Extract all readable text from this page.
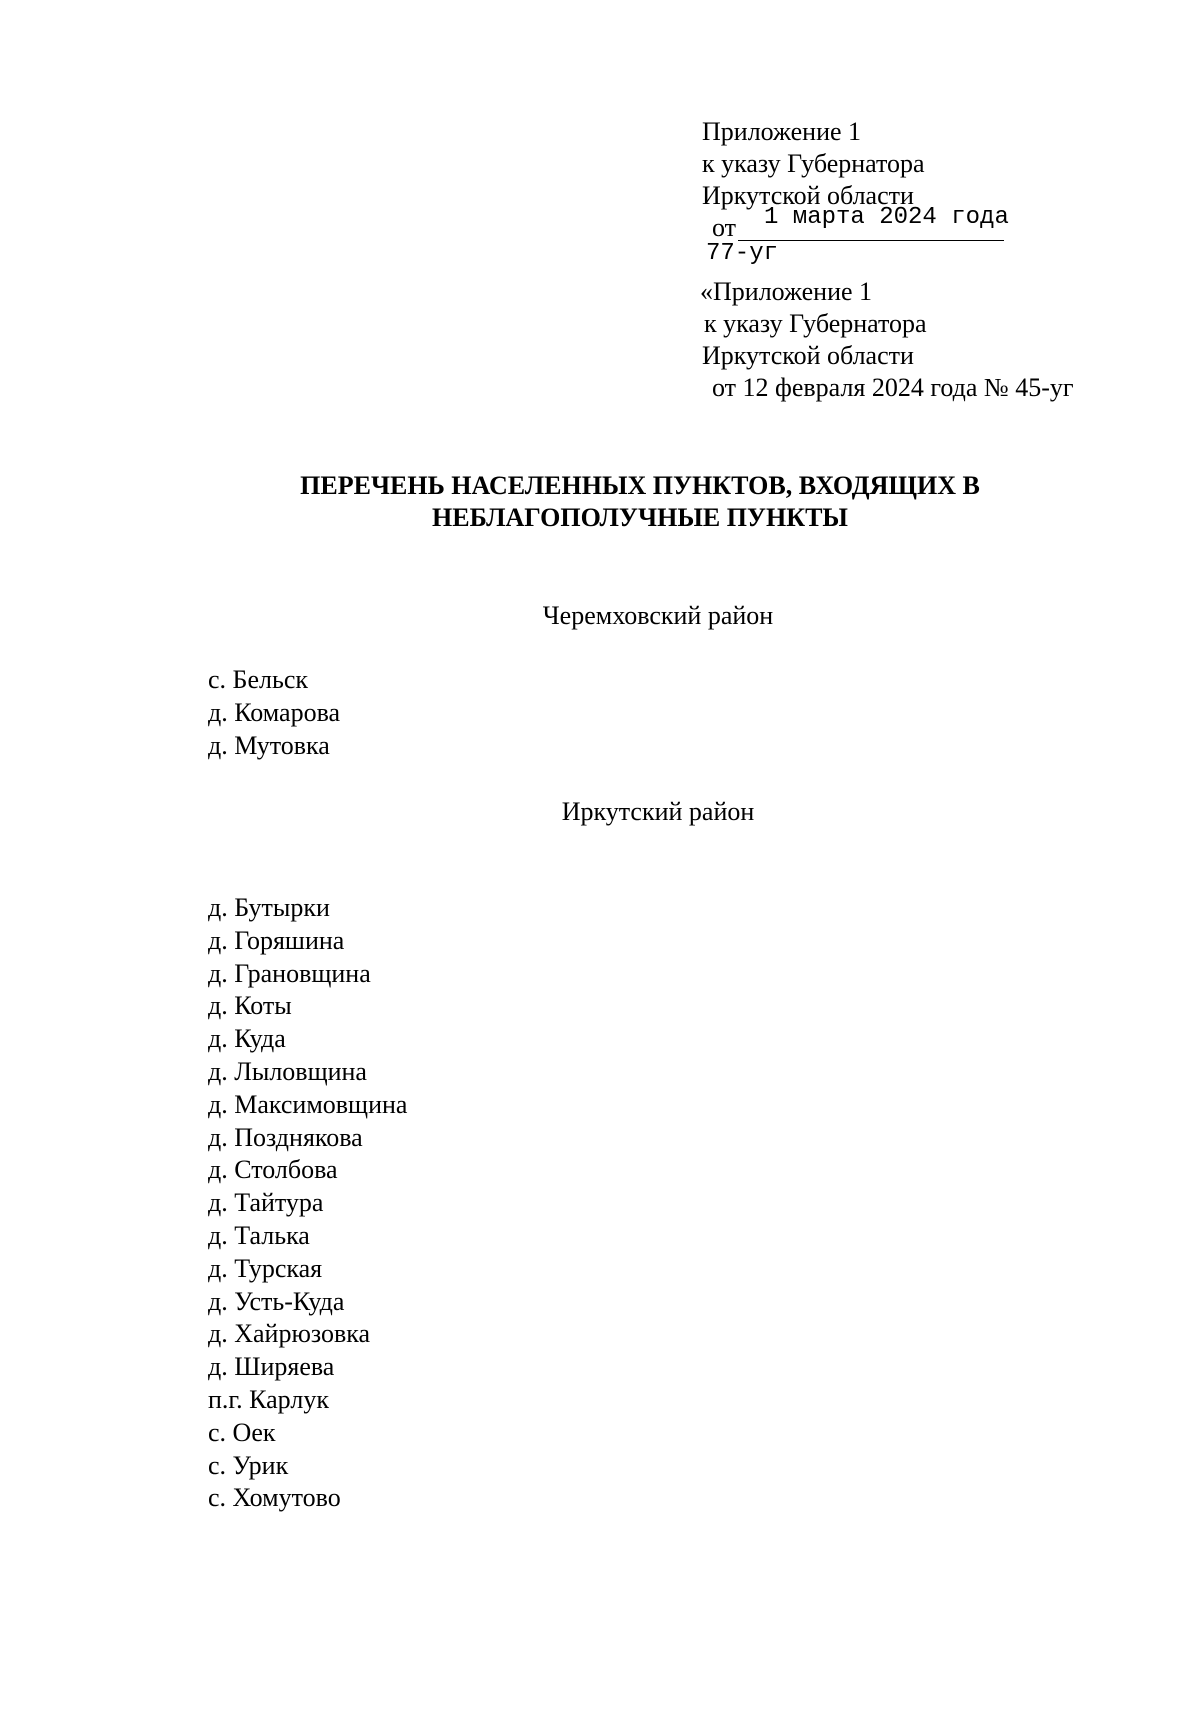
Приложение 1
к указу Губернатора
Иркутской области
от 1 марта 2024 года
77-уг
«Приложение 1
к указу Губернатора
Иркутской области
от 12 февраля 2024 года № 45-уг
ПЕРЕЧЕНЬ НАСЕЛЕННЫХ ПУНКТОВ, ВХОДЯЩИХ В
НЕБЛАГОПОЛУЧНЫЕ ПУНКТЫ
Черемховский район
с. Бельск
д. Комарова
д. Мутовка
Иркутский район
д. Бутырки
д. Горяшина
д. Грановщина
д. Коты
д. Куда
д. Лыловщина
д. Максимовщина
д. Позднякова
д. Столбова
д. Тайтура
д. Талька
д. Турская
д. Усть-Куда
д. Хайрюзовка
д. Ширяева
п.г. Карлук
с. Оек
с. Урик
с. Хомутово
